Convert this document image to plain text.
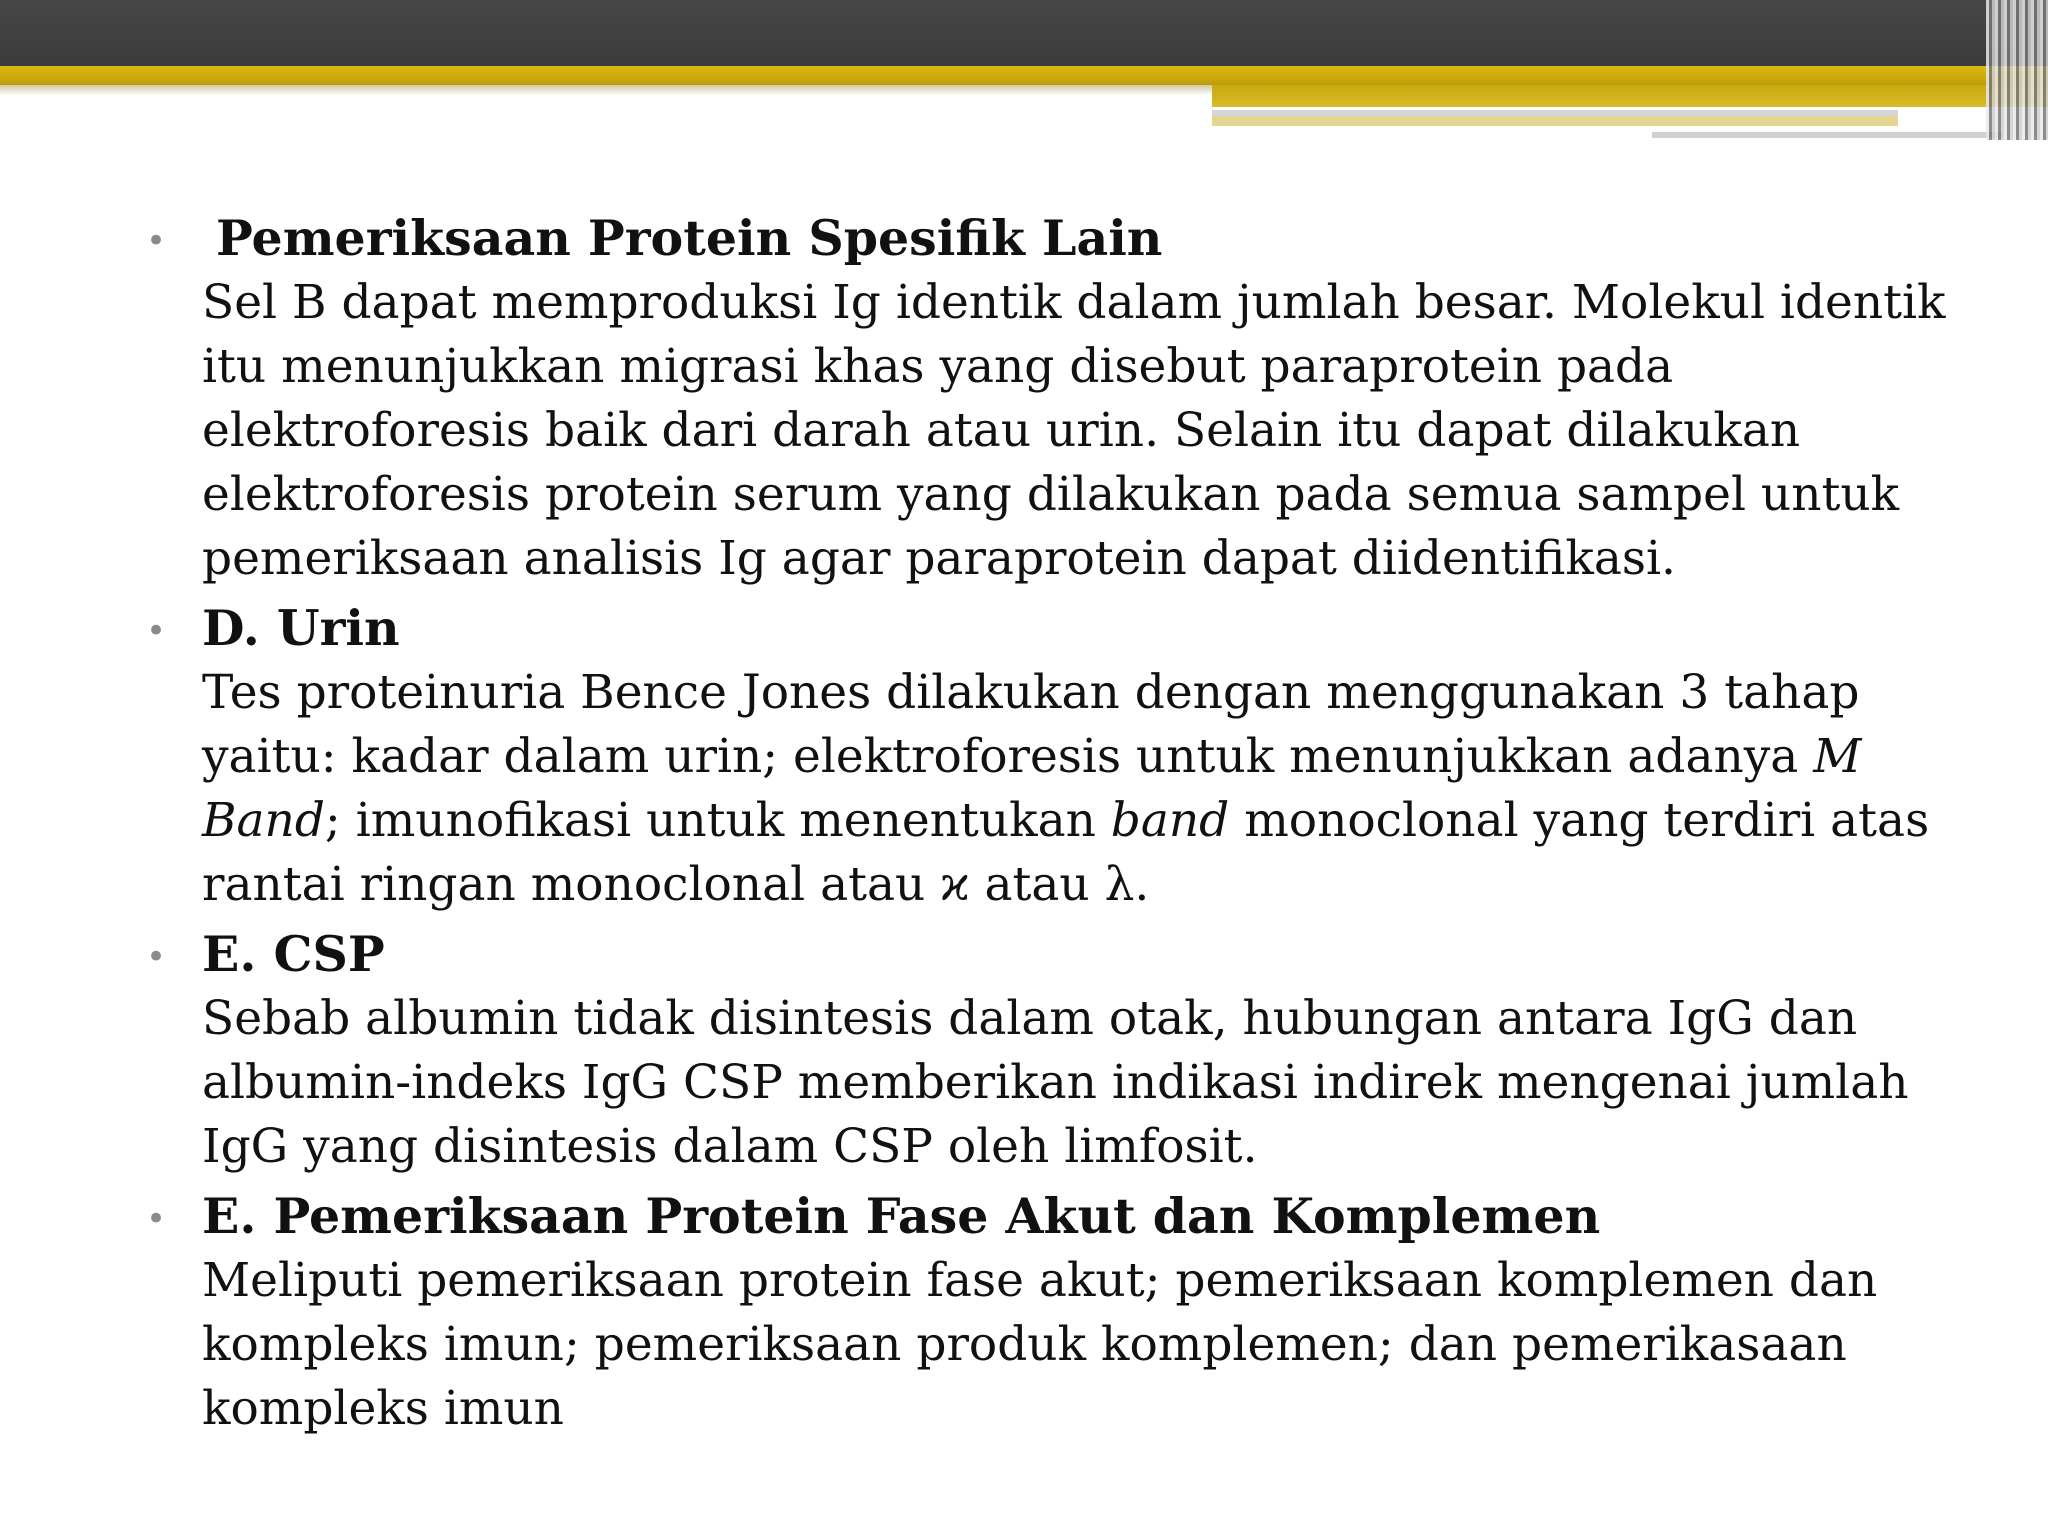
• Pemeriksaan Protein Spesifik Lain

Sel B dapat memproduksi Ig identik dalam jumlah besar. Molekul identik
itu menunjukkan migrasi khas yang disebut paraprotein pada
elektroforesis baik dari darah atau urin. Selain itu dapat dilakukan
elektroforesis protein serum yang dilakukan pada semua sampel untuk
pemeriksaan analisis Ig agar paraprotein dapat diidentifikasi.

• D. Urin

Tes proteinuria Bence Jones dilakukan dengan menggunakan 3 tahap
yaitu: kadar dalam urin; elektroforesis untuk menunjukkan adanya M
Band; imunofikasi untuk menentukan band monoclonal yang terdiri atas
rantai ringan monoclonal atau ϰ atau λ.

• E. CSP

Sebab albumin tidak disintesis dalam otak, hubungan antara IgG dan
albumin-indeks IgG CSP memberikan indikasi indirek mengenai jumlah
IgG yang disintesis dalam CSP oleh limfosit.

• E. Pemeriksaan Protein Fase Akut dan Komplemen

Meliputi pemeriksaan protein fase akut; pemeriksaan komplemen dan
kompleks imun; pemeriksaan produk komplemen; dan pemerikasaan
kompleks imun
